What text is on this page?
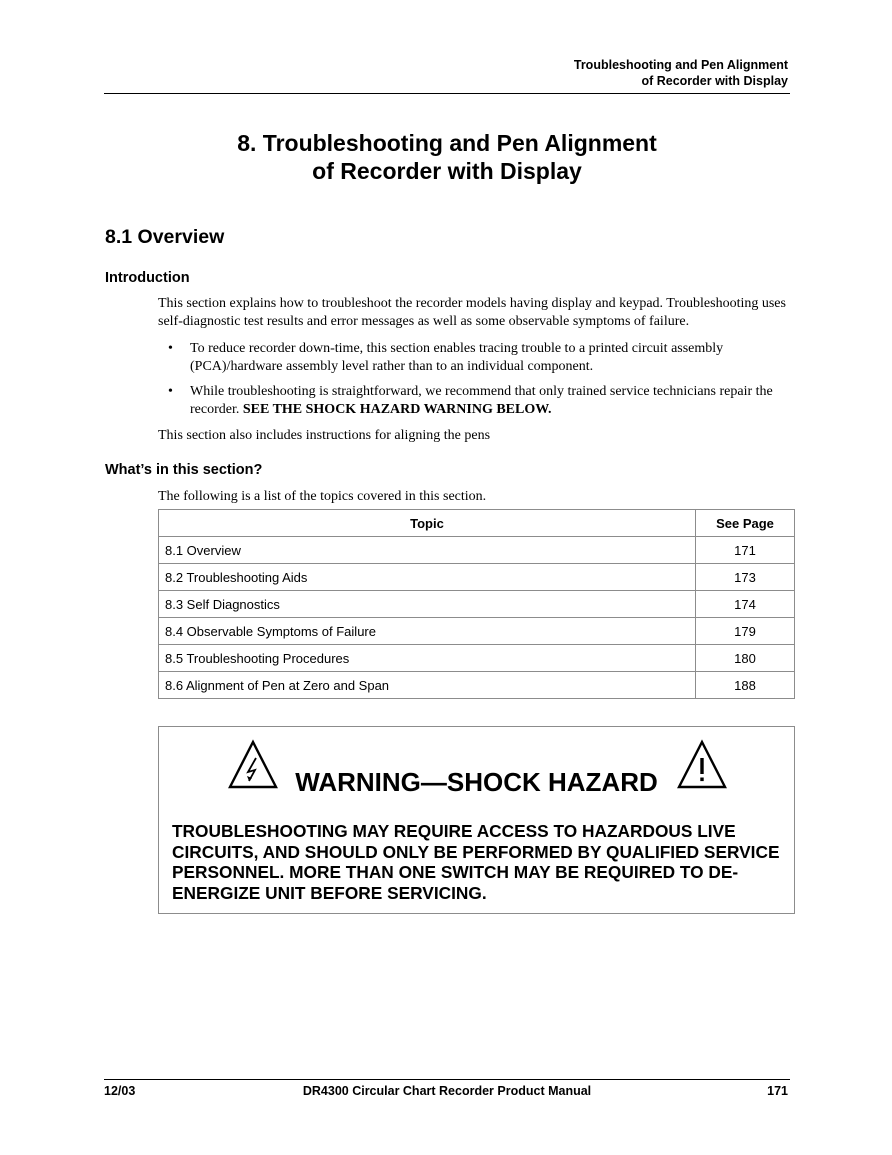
Troubleshooting and Pen Alignment
of Recorder with Display
8. Troubleshooting and Pen Alignment
of Recorder with Display
8.1 Overview
Introduction
This section explains how to troubleshoot the recorder models having display and keypad. Troubleshooting uses self-diagnostic test results and error messages as well as some observable symptoms of failure.
• To reduce recorder down-time, this section enables tracing trouble to a printed circuit assembly (PCA)/hardware assembly level rather than to an individual component.
• While troubleshooting is straightforward, we recommend that only trained service technicians repair the recorder. SEE THE SHOCK HAZARD WARNING BELOW.
This section also includes instructions for aligning the pens
What’s in this section?
The following is a list of the topics covered in this section.
Topic	See Page
8.1 Overview	171
8.2 Troubleshooting Aids	173
8.3 Self Diagnostics	174
8.4 Observable Symptoms of Failure	179
8.5 Troubleshooting Procedures	180
8.6 Alignment of Pen at Zero and Span	188
WARNING—SHOCK HAZARD
TROUBLESHOOTING MAY REQUIRE ACCESS TO HAZARDOUS LIVE CIRCUITS, AND SHOULD ONLY BE PERFORMED BY QUALIFIED SERVICE PERSONNEL. MORE THAN ONE SWITCH MAY BE REQUIRED TO DE-ENERGIZE UNIT BEFORE SERVICING.
12/03	DR4300 Circular Chart Recorder Product Manual	171
